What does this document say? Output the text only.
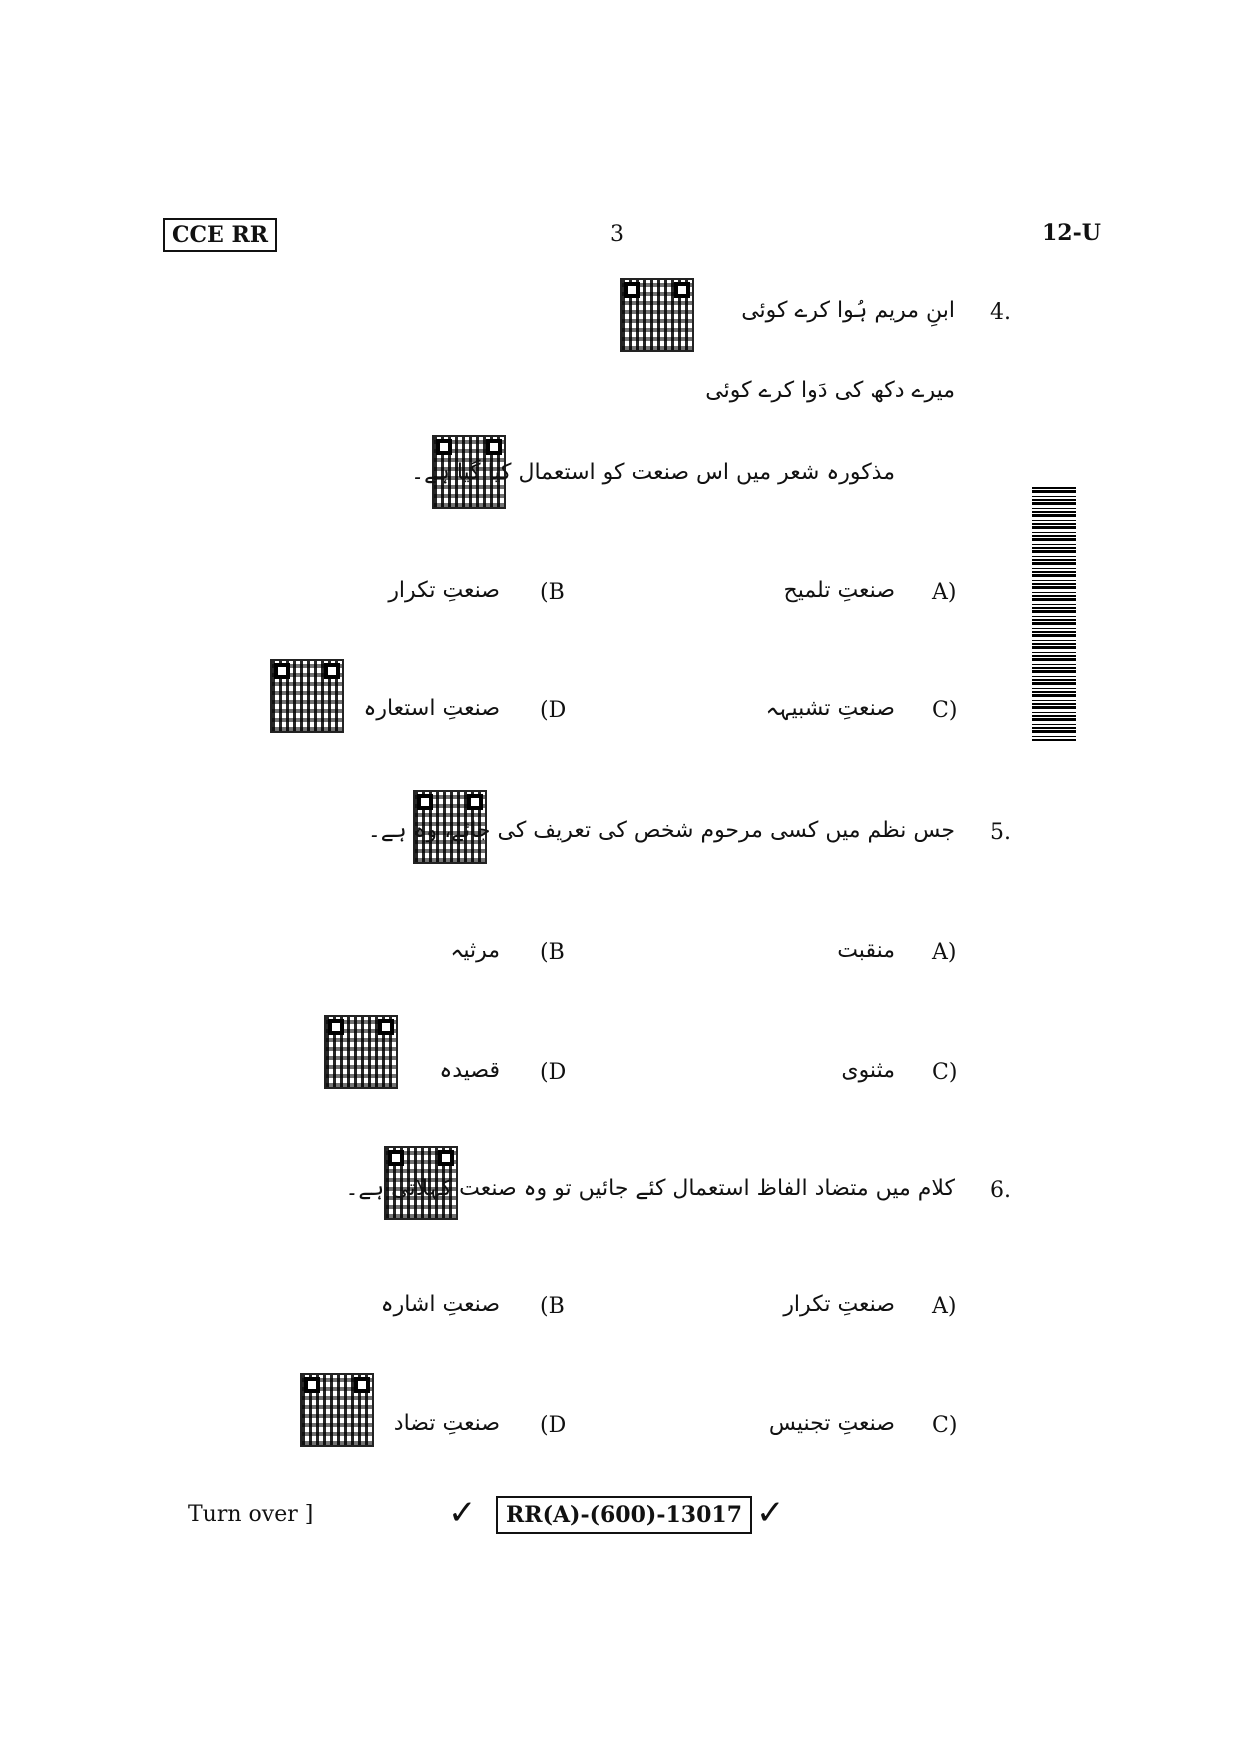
CCE RR	3	12-U
4.
ابنِ مریم ہُوا کرے کوئی
میرے دکھ کی دَوا کرے کوئی
مذکورہ شعر میں اس صنعت کو استعمال کیا گیا ہے۔
A)
صنعتِ تلمیح
(B
صنعتِ تکرار
C)
صنعتِ تشبیہہ
(D
صنعتِ استعارہ
5.
جس نظم میں کسی مرحوم شخص کی تعریف کی جائے، وہ ہے۔
A)
منقبت
(B
مرثیہ
C)
مثنوی
(D
قصیدہ
6.
کلام میں متضاد الفاظ استعمال کئے جائیں تو وہ صنعت کہلاتی ہے۔
A)
صنعتِ تکرار
(B
صنعتِ اشارہ
C)
صنعتِ تجنیس
(D
صنعتِ تضاد
Turn over ]	✓	RR(A)-(600)-13017 ✓
